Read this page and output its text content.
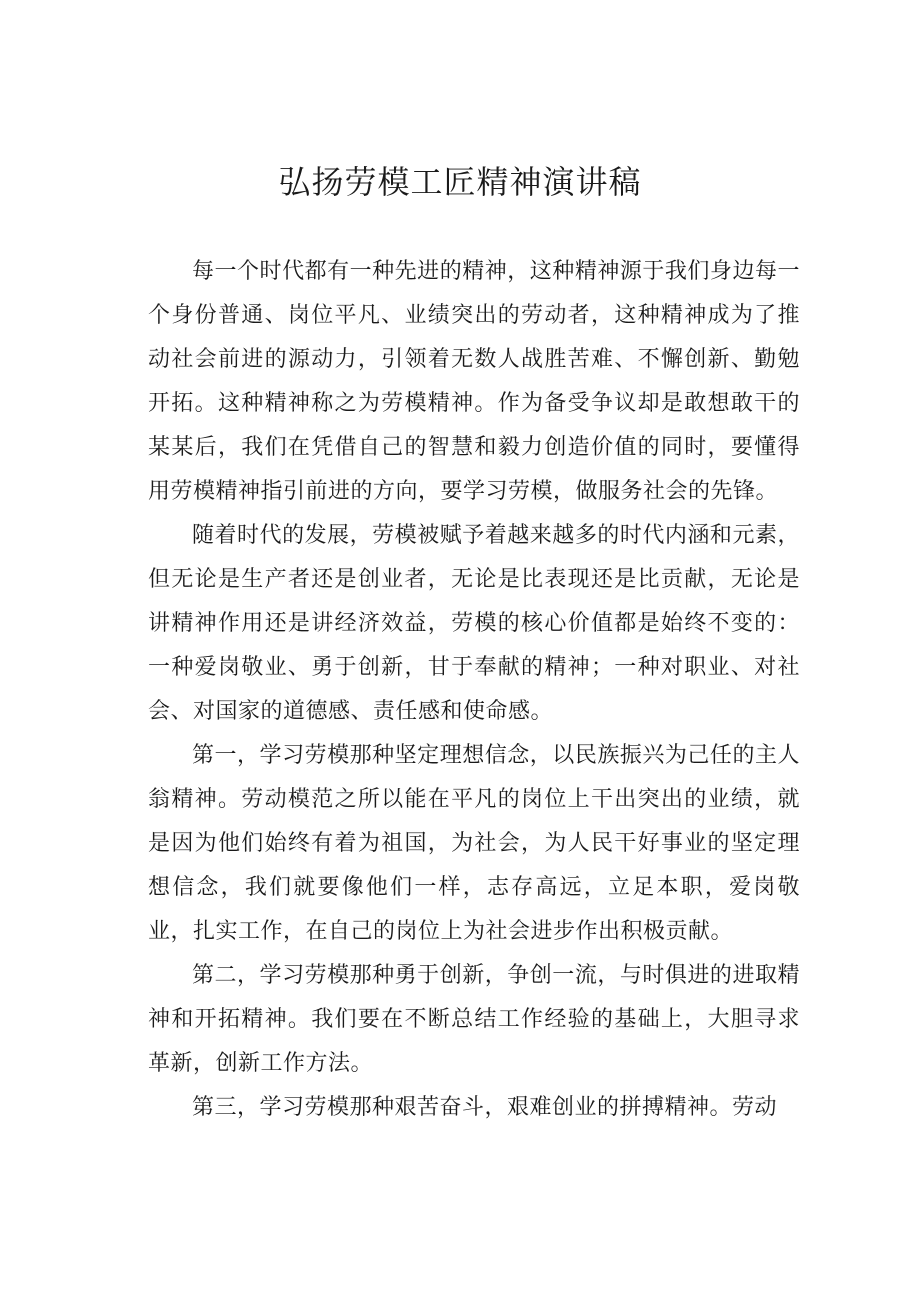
弘扬劳模工匠精神演讲稿

每一个时代都有一种先进的精神，这种精神源于我们身边每一个身份普通、岗位平凡、业绩突出的劳动者，这种精神成为了推动社会前进的源动力，引领着无数人战胜苦难、不懈创新、勤勉开拓。这种精神称之为劳模精神。作为备受争议却是敢想敢干的某某后，我们在凭借自己的智慧和毅力创造价值的同时，要懂得用劳模精神指引前进的方向，要学习劳模，做服务社会的先锋。

随着时代的发展，劳模被赋予着越来越多的时代内涵和元素，但无论是生产者还是创业者，无论是比表现还是比贡献，无论是讲精神作用还是讲经济效益，劳模的核心价值都是始终不变的：一种爱岗敬业、勇于创新，甘于奉献的精神；一种对职业、对社会、对国家的道德感、责任感和使命感。

第一，学习劳模那种坚定理想信念，以民族振兴为己任的主人翁精神。劳动模范之所以能在平凡的岗位上干出突出的业绩，就是因为他们始终有着为祖国，为社会，为人民干好事业的坚定理想信念，我们就要像他们一样，志存高远，立足本职，爱岗敬业，扎实工作，在自己的岗位上为社会进步作出积极贡献。

第二，学习劳模那种勇于创新，争创一流，与时俱进的进取精神和开拓精神。我们要在不断总结工作经验的基础上，大胆寻求革新，创新工作方法。

第三，学习劳模那种艰苦奋斗，艰难创业的拼搏精神。劳动
